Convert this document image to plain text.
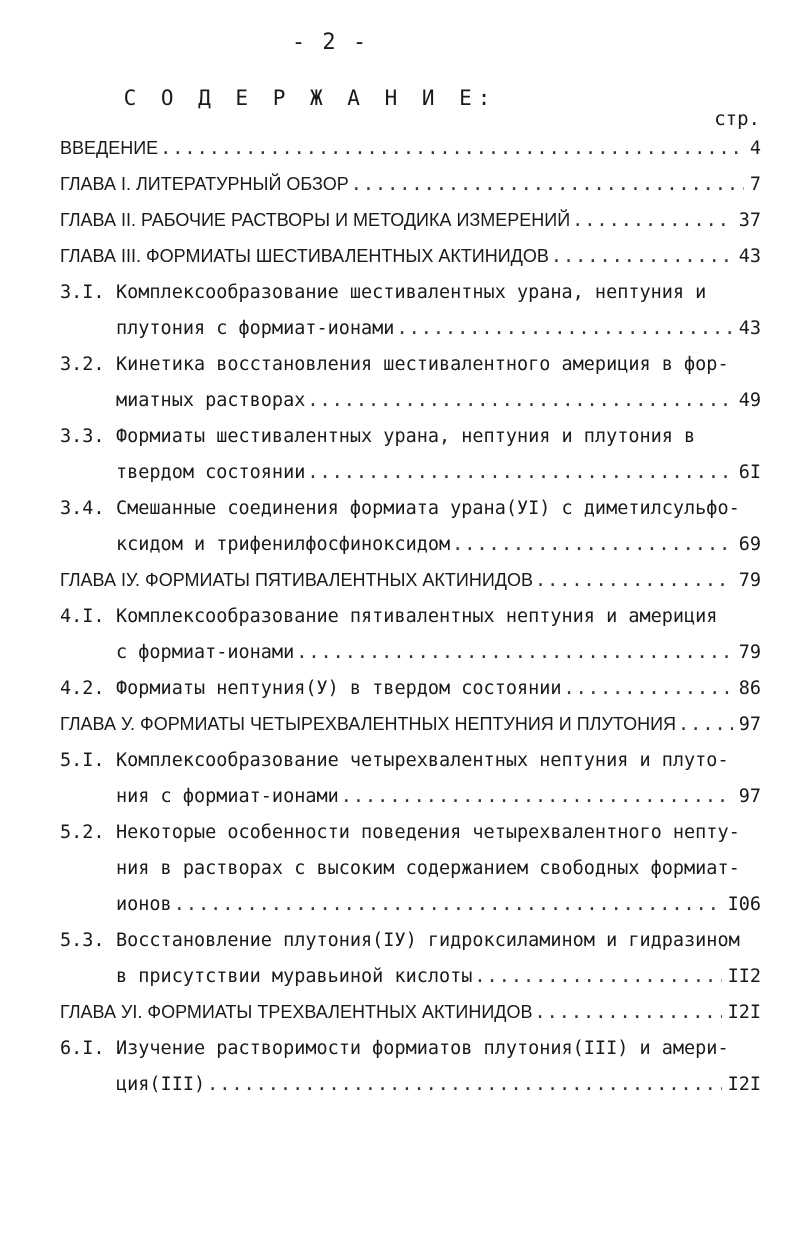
- 2 -
С О Д Е Р Ж А Н И Е:
стр.
ВВЕДЕНИЕ .....	4
ГЛАВА I. ЛИТЕРАТУРНЫЙ ОБЗОР .....	7
ГЛАВА II. РАБОЧИЕ РАСТВОРЫ И МЕТОДИКА ИЗМЕРЕНИЙ .....	37
ГЛАВА III. ФОРМИАТЫ ШЕСТИВАЛЕНТНЫХ АКТИНИДОВ .....	43
3.I. Комплексообразование шестивалентных урана, нептуния и
плутония с формиат-ионами .....	43
3.2. Кинетика восстановления шестивалентного америция в фор-
миатных растворах .....	49
3.3. Формиаты шестивалентных урана, нептуния и плутония в
твердом состоянии .....	6I
3.4. Смешанные соединения формиата урана(УI) с диметилсульфо-
ксидом и трифенилфосфиноксидом .....	69
ГЛАВА IУ. ФОРМИАТЫ ПЯТИВАЛЕНТНЫХ АКТИНИДОВ .....	79
4.I. Комплексообразование пятивалентных нептуния и америция
с формиат-ионами .....	79
4.2. Формиаты нептуния(У) в твердом состоянии .....	86
ГЛАВА У. ФОРМИАТЫ ЧЕТЫРЕХВАЛЕНТНЫХ НЕПТУНИЯ И ПЛУТОНИЯ .....	97
5.I. Комплексообразование четырехвалентных нептуния и плуто-
ния с формиат-ионами .....	97
5.2. Некоторые особенности поведения четырехвалентного непту-
ния в растворах с высоким содержанием свободных формиат-
ионов .....	I06
5.3. Восстановление плутония(IУ) гидроксиламином и гидразином
в присутствии муравьиной кислоты .....	II2
ГЛАВА УI. ФОРМИАТЫ ТРЕХВАЛЕНТНЫХ АКТИНИДОВ .....	I2I
6.I. Изучение растворимости формиатов плутония(III) и амери-
ция(III) .....	I2I
